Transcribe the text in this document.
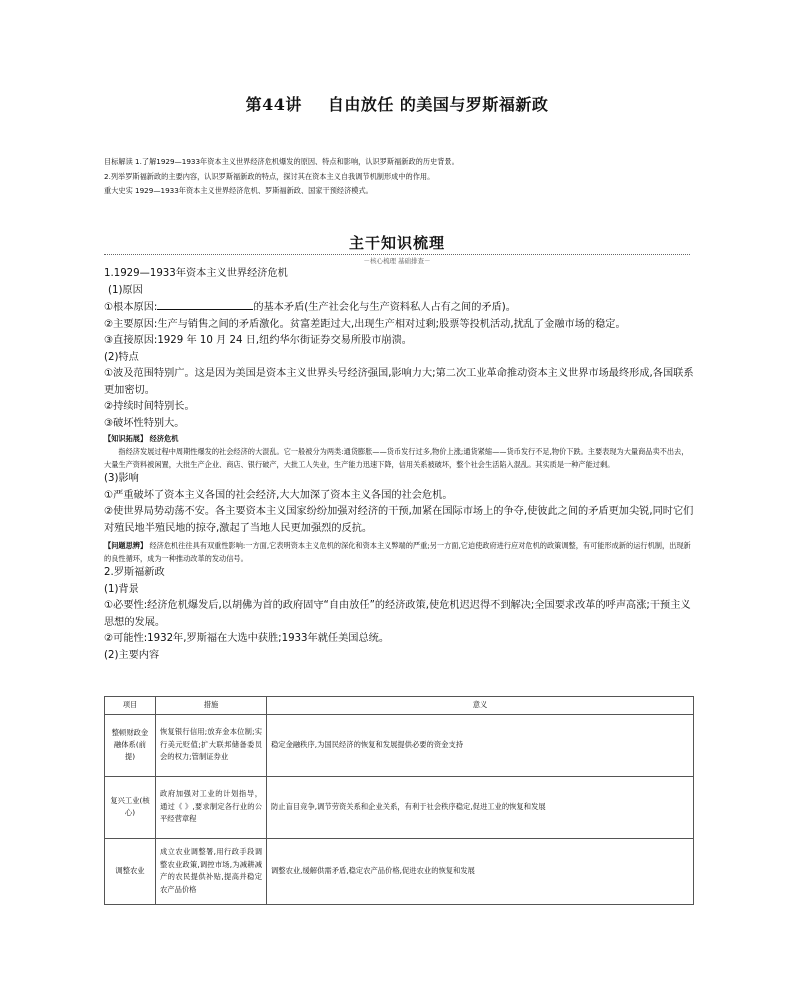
第44讲 自由放任 的美国与罗斯福新政

目标解读 1.了解1929—1933年资本主义世界经济危机爆发的原因、特点和影响，认识罗斯福新政的历史背景。

2.列举罗斯福新政的主要内容，认识罗斯福新政的特点，探讨其在资本主义自我调节机制形成中的作用。

重大史实 1929—1933年资本主义世界经济危机、罗斯福新政、国家干预经济模式。

主干知识梳理
－核心梳理 基础排查－

1.1929—1933年资本主义世界经济危机

(1)原因

①根本原因:	的基本矛盾(生产社会化与生产资料私人占有之间的矛盾)。

②主要原因:生产与销售之间的矛盾激化。贫富差距过大,出现生产相对过剩;股票等投机活动,扰乱了金融市场的稳定。

③直接原因:1929 年 10 月 24 日,纽约华尔街证券交易所股市崩溃。

(2)特点

①波及范围特别广。这是因为美国是资本主义世界头号经济强国,影响力大;第二次工业革命推动资本主义世界市场最终形成,各国联系更加密切。

②持续时间特别长。

③破坏性特别大。

【知识拓展】 经济危机

指经济发展过程中周期性爆发的社会经济的大混乱。它一般被分为两类:通货膨胀——货币发行过多,物价上涨;通货紧缩——货币发行不足,物价下跌。主要表现为大量商品卖不出去，大量生产资料被闲置，大批生产企业、商店、银行破产，大批工人失业，生产能力迅速下降，信用关系被破坏，整个社会生活陷入混乱。其实质是一种产能过剩。

(3)影响

①严重破坏了资本主义各国的社会经济,大大加深了资本主义各国的社会危机。

②使世界局势动荡不安。各主要资本主义国家纷纷加强对经济的干预,加紧在国际市场上的争夺,使彼此之间的矛盾更加尖锐,同时它们对殖民地半殖民地的掠夺,激起了当地人民更加强烈的反抗。

【问题思辨】 经济危机往往具有双重性影响:一方面,它表明资本主义危机的深化和资本主义弊端的严重;另一方面,它迫使政府进行应对危机的政策调整，有可能形成新的运行机制，出现新的良性循环，成为一种推动改革的发动信号。

2.罗斯福新政

(1)背景

①必要性:经济危机爆发后,以胡佛为首的政府固守“自由放任”的经济政策,使危机迟迟得不到解决;全国要求改革的呼声高涨;干预主义思想的发展。

②可能性:1932年,罗斯福在大选中获胜;1933年就任美国总统。

(2)主要内容

项目	措施	意义
整顿财政金融体系(前提)	恢复银行信用;放弃金本位制;实行美元贬值;扩大联邦储备委员会的权力;管制证券业	稳定金融秩序,为国民经济的恢复和发展提供必要的资金支持
复兴工业(核心)	政府加强对工业的计划指导，通过《 》,要求制定各行业的公平经营章程	防止盲目竞争,调节劳资关系和企业关系，有利于社会秩序稳定,促进工业的恢复和发展
调整农业	成立农业调整署,用行政手段调整农业政策,调控市场,为减耕减产的农民提供补贴,提高并稳定农产品价格	调整农业,缓解供需矛盾,稳定农产品价格,促进农业的恢复和发展
